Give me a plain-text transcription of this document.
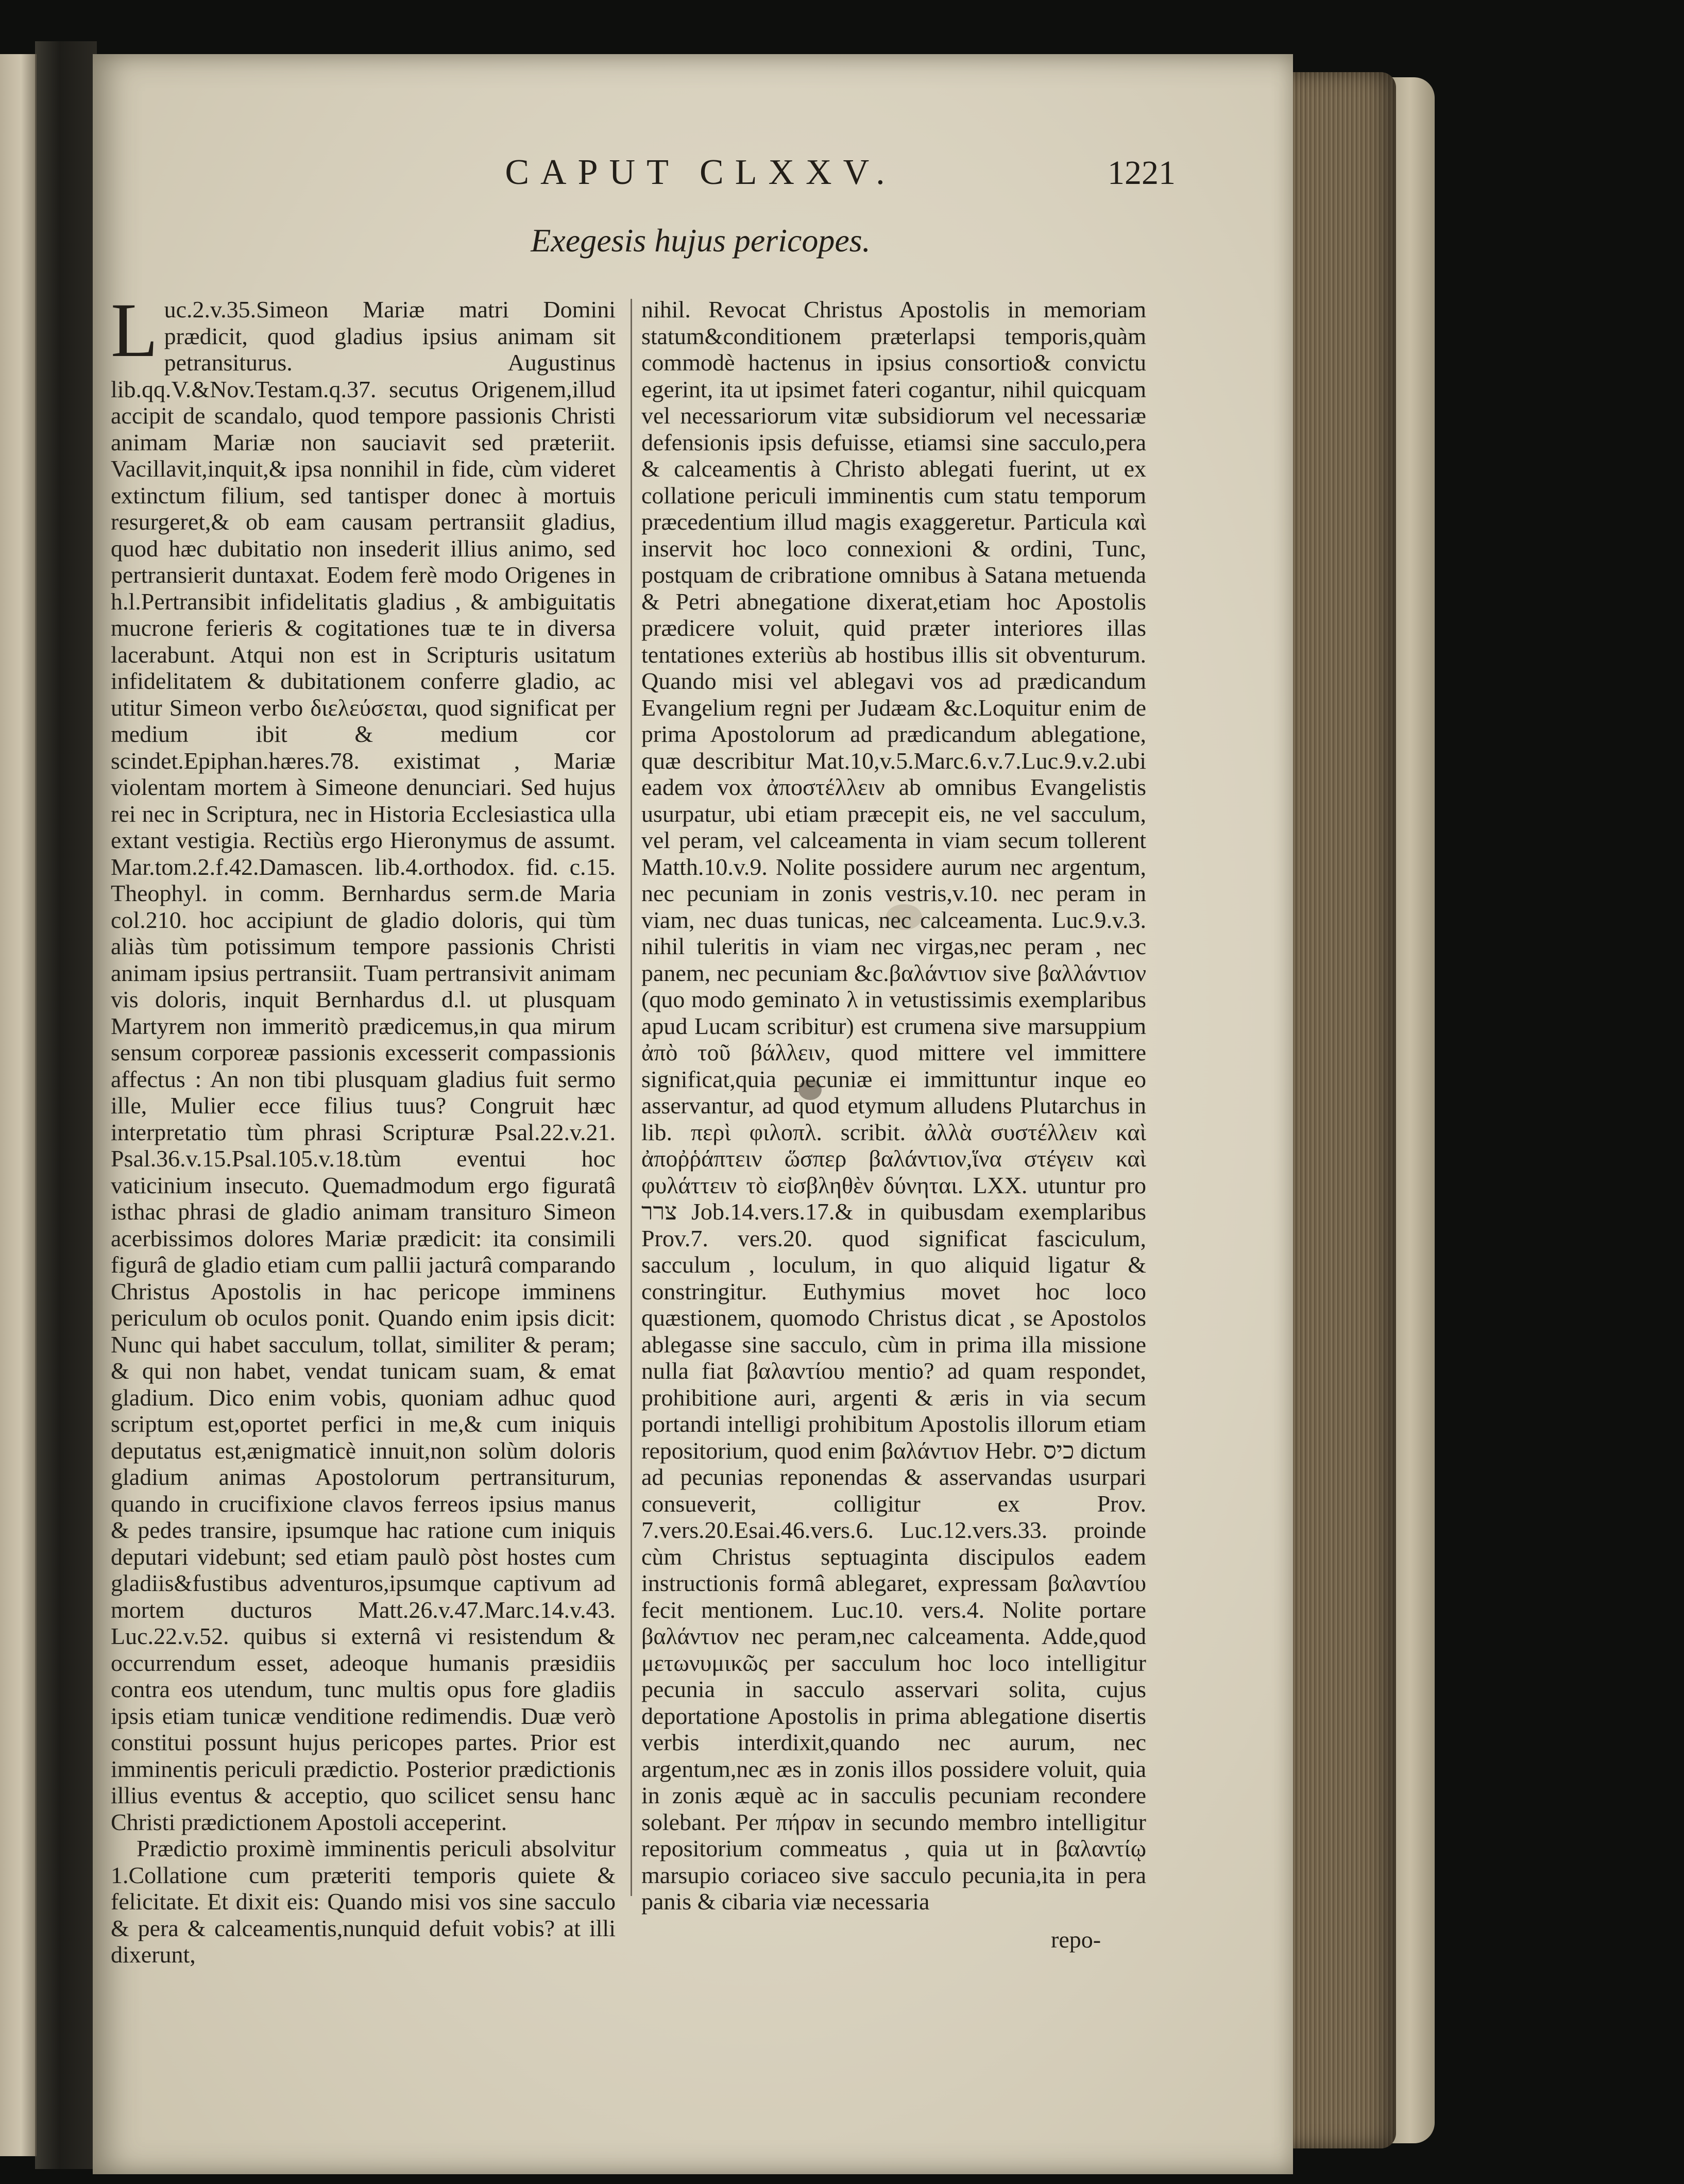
CAPUT CLXXV.	1221
Exegesis hujus pericopes.

Luc.2.v.35.Simeon Mariæ matri Domini prædicit, quod gladius ipsius animam sit petransiturus. Augustinus lib.qq.V.&Nov.Testam.q.37. secutus Origenem,illud accipit de scandalo, quod tempore passionis Christi animam Mariæ non sauciavit sed præteriit. Vacillavit,inquit,& ipsa nonnihil in fide, cùm videret extinctum filium, sed tantisper donec à mortuis resurgeret,& ob eam causam pertransiit gladius, quod hæc dubitatio non insederit illius animo, sed pertransierit duntaxat. Eodem ferè modo Origenes in h.l.Pertransibit infidelitatis gladius , & ambiguitatis mucrone ferieris & cogitationes tuæ te in diversa lacerabunt. Atqui non est in Scripturis usitatum infidelitatem & dubitationem conferre gladio, ac utitur Simeon verbo διελεύσεται, quod significat per medium ibit & medium cor scindet.Epiphan.hæres.78. existimat , Mariæ violentam mortem à Simeone denunciari. Sed hujus rei nec in Scriptura, nec in Historia Ecclesiastica ulla extant vestigia. Rectiùs ergo Hieronymus de assumt. Mar.tom.2.f.42.Damascen. lib.4.orthodox. fid. c.15. Theophyl. in comm. Bernhardus serm.de Maria col.210. hoc accipiunt de gladio doloris, qui tùm aliàs tùm potissimum tempore passionis Christi animam ipsius pertransiit. Tuam pertransivit animam vis doloris, inquit Bernhardus d.l. ut plusquam Martyrem non immeritò prædicemus,in qua mirum sensum corporeæ passionis excesserit compassionis affectus : An non tibi plusquam gladius fuit sermo ille, Mulier ecce filius tuus? Congruit hæc interpretatio tùm phrasi Scripturæ Psal.22.v.21. Psal.36.v.15.Psal.105.v.18.tùm eventui hoc vaticinium insecuto. Quemadmodum ergo figuratâ isthac phrasi de gladio animam transituro Simeon acerbissimos dolores Mariæ prædicit: ita consimili figurâ de gladio etiam cum pallii jacturâ comparando Christus Apostolis in hac pericope imminens periculum ob oculos ponit. Quando enim ipsis dicit: Nunc qui habet sacculum, tollat, similiter & peram; & qui non habet, vendat tunicam suam, & emat gladium. Dico enim vobis, quoniam adhuc quod scriptum est,oportet perfici in me,& cum iniquis deputatus est,ænigmaticè innuit,non solùm doloris gladium animas Apostolorum pertransiturum, quando in crucifixione clavos ferreos ipsius manus & pedes transire, ipsumque hac ratione cum iniquis deputari videbunt; sed etiam paulò pòst hostes cum gladiis&fustibus adventuros,ipsumque captivum ad mortem ducturos Matt.26.v.47.Marc.14.v.43. Luc.22.v.52. quibus si externâ vi resistendum & occurrendum esset, adeoque humanis præsidiis contra eos utendum, tunc multis opus fore gladiis ipsis etiam tunicæ venditione redimendis. Duæ verò constitui possunt hujus pericopes partes. Prior est imminentis periculi prædictio. Posterior prædictionis illius eventus & acceptio, quo scilicet sensu hanc Christi prædictionem Apostoli acceperint.

Prædictio proximè imminentis periculi absolvitur 1.Collatione cum præteriti temporis quiete & felicitate. Et dixit eis: Quando misi vos sine sacculo & pera & calceamentis,nunquid defuit vobis? at illi dixerunt,

nihil. Revocat Christus Apostolis in memoriam statum&conditionem præterlapsi temporis,quàm commodè hactenus in ipsius consortio& convictu egerint, ita ut ipsimet fateri cogantur, nihil quicquam vel necessariorum vitæ subsidiorum vel necessariæ defensionis ipsis defuisse, etiamsi sine sacculo,pera & calceamentis à Christo ablegati fuerint, ut ex collatione periculi imminentis cum statu temporum præcedentium illud magis exaggeretur. Particula καὶ inservit hoc loco connexioni & ordini, Tunc, postquam de cribratione omnibus à Satana metuenda & Petri abnegatione dixerat,etiam hoc Apostolis prædicere voluit, quid præter interiores illas tentationes exteriùs ab hostibus illis sit obventurum. Quando misi vel ablegavi vos ad prædicandum Evangelium regni per Judæam &c.Loquitur enim de prima Apostolorum ad prædicandum ablegatione, quæ describitur Mat.10,v.5.Marc.6.v.7.Luc.9.v.2.ubi eadem vox ἀποστέλλειν ab omnibus Evangelistis usurpatur, ubi etiam præcepit eis, ne vel sacculum, vel peram, vel calceamenta in viam secum tollerent Matth.10.v.9. Nolite possidere aurum nec argentum, nec pecuniam in zonis vestris,v.10. nec peram in viam, nec duas tunicas, nec calceamenta. Luc.9.v.3. nihil tuleritis in viam nec virgas,nec peram , nec panem, nec pecuniam &c.βαλάντιον sive βαλλάντιον (quo modo geminato λ in vetustissimis exemplaribus apud Lucam scribitur) est crumena sive marsuppium ἀπὸ τοῦ βάλλειν, quod mittere vel immittere significat,quia pecuniæ ei immittuntur inque eo asservantur, ad quod etymum alludens Plutarchus in lib. περὶ φιλοπλ. scribit. ἀλλὰ συστέλλειν καὶ ἀποῤῥάπτειν ὥσπερ βαλάντιον,ἵνα στέγειν καὶ φυλάττειν τὸ εἰσβληθὲν δύνηται. LXX. utuntur pro צרר Job.14.vers.17.& in quibusdam exemplaribus Prov.7. vers.20. quod significat fasciculum, sacculum , loculum, in quo aliquid ligatur & constringitur. Euthymius movet hoc loco quæstionem, quomodo Christus dicat , se Apostolos ablegasse sine sacculo, cùm in prima illa missione nulla fiat βαλαντίου mentio? ad quam respondet, prohibitione auri, argenti & æris in via secum portandi intelligi prohibitum Apostolis illorum etiam repositorium, quod enim βαλάντιον Hebr. כיס dictum ad pecunias reponendas & asservandas usurpari consueverit, colligitur ex Prov. 7.vers.20.Esai.46.vers.6. Luc.12.vers.33. proinde cùm Christus septuaginta discipulos eadem instructionis formâ ablegaret, expressam βαλαντίου fecit mentionem. Luc.10. vers.4. Nolite portare βαλάντιον nec peram,nec calceamenta. Adde,quod μετωνυμικῶς per sacculum hoc loco intelligitur pecunia in sacculo asservari solita, cujus deportatione Apostolis in prima ablegatione disertis verbis interdixit,quando nec aurum, nec argentum,nec æs in zonis illos possidere voluit, quia in zonis æquè ac in sacculis pecuniam recondere solebant. Per πήραν in secundo membro intelligitur repositorium commeatus , quia ut in βαλαντίῳ marsupio coriaceo sive sacculo pecunia,ita in pera panis & cibaria viæ necessaria

repo-
